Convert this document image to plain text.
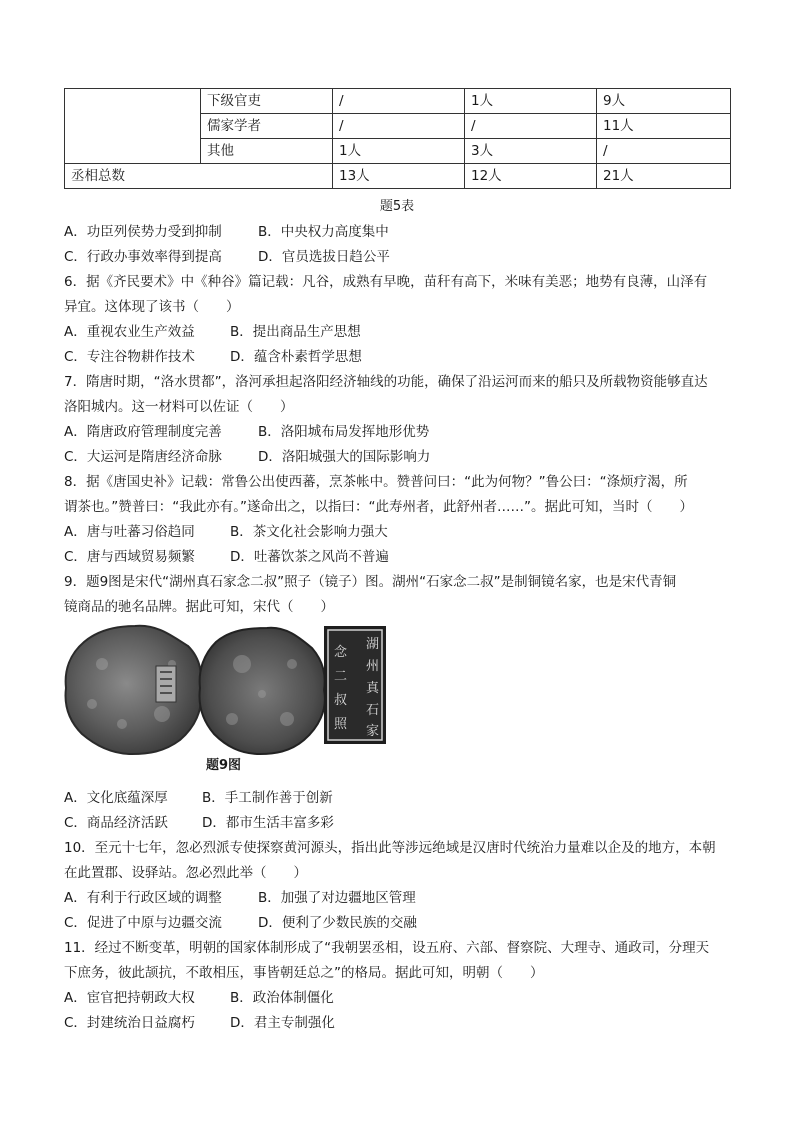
	下级官吏	/	1人	9人
	儒家学者	/	/	11人
	其他	1人	3人	/
丞相总数		13人	12人	21人
题5表
A．功臣列侯势力受到抑制	B．中央权力高度集中
C．行政办事效率得到提高	D．官员选拔日趋公平
6．据《齐民要术》中《种谷》篇记载：凡谷，成熟有早晚，苗秆有高下，米味有美恶；地势有良薄，山泽有
异宜。这体现了该书（　　）
A．重视农业生产效益	B．提出商品生产思想
C．专注谷物耕作技术	D．蕴含朴素哲学思想
7．隋唐时期，“洛水贯都”，洛河承担起洛阳经济轴线的功能，确保了沿运河而来的船只及所载物资能够直达
洛阳城内。这一材料可以佐证（　　）
A．隋唐政府管理制度完善	B．洛阳城布局发挥地形优势
C．大运河是隋唐经济命脉	D．洛阳城强大的国际影响力
8．据《唐国史补》记载：常鲁公出使西蕃，烹茶帐中。赞普问曰：“此为何物？”鲁公曰：“涤烦疗渴，所
谓茶也。”赞普曰：“我此亦有。”遂命出之，以指曰：“此寿州者，此舒州者……”。据此可知，当时（　　）
A．唐与吐蕃习俗趋同	B．茶文化社会影响力强大
C．唐与西域贸易频繁	D．吐蕃饮茶之风尚不普遍
9．题9图是宋代“湖州真石家念二叔”照子（镜子）图。湖州“石家念二叔”是制铜镜名家，也是宋代青铜
镜商品的驰名品牌。据此可知，宋代（　　）
湖
州
真
石
家
念
二
叔
照
题9图
A．文化底蕴深厚	B．手工制作善于创新
C．商品经济活跃	D．都市生活丰富多彩
10．至元十七年，忽必烈派专使探察黄河源头，指出此等涉远绝域是汉唐时代统治力量难以企及的地方，本朝
在此置郡、设驿站。忽必烈此举（　　）
A．有利于行政区域的调整	B．加强了对边疆地区管理
C．促进了中原与边疆交流	D．便利了少数民族的交融
11．经过不断变革，明朝的国家体制形成了“我朝罢丞相，设五府、六部、督察院、大理寺、通政司，分理天
下庶务，彼此颉抗，不敢相压，事皆朝廷总之”的格局。据此可知，明朝（　　）
A．宦官把持朝政大权	B．政治体制僵化
C．封建统治日益腐朽	D．君主专制强化
